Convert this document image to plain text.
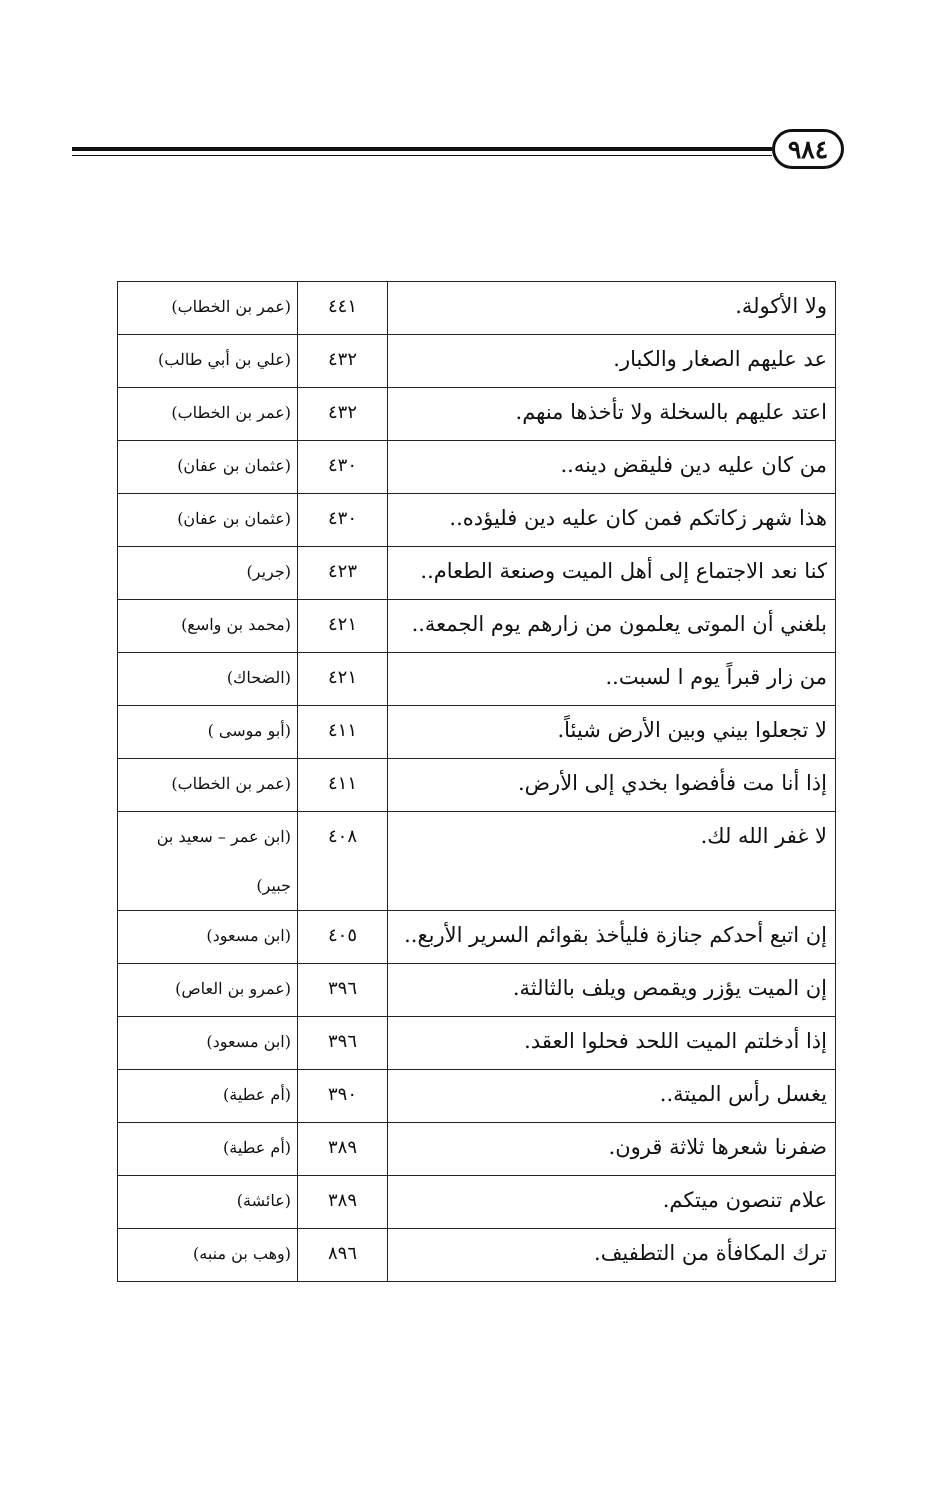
٩٨٤
ولا الأكولة.	٤٤١	(عمر بن الخطاب)
عد عليهم الصغار والكبار.	٤٣٢	(علي بن أبي طالب)
اعتد عليهم بالسخلة ولا تأخذها منهم.	٤٣٢	(عمر بن الخطاب)
من كان عليه دين فليقض دينه..	٤٣٠	(عثمان بن عفان)
هذا شهر زكاتكم فمن كان عليه دين فليؤده..	٤٣٠	(عثمان بن عفان)
كنا نعد الاجتماع إلى أهل الميت وصنعة الطعام..	٤٢٣	(جرير)
بلغني أن الموتى يعلمون من زارهم يوم الجمعة..	٤٢١	(محمد بن واسع)
من زار قبراً يوم ا لسبت..	٤٢١	(الضحاك)
لا تجعلوا بيني وبين الأرض شيئاً.	٤١١	(أبو موسى )
إذا أنا مت فأفضوا بخدي إلى الأرض.	٤١١	(عمر بن الخطاب)
لا غفر الله لك.	٤٠٨	(ابن عمر – سعيد بن جبير)
إن اتبع أحدكم جنازة فليأخذ بقوائم السرير الأربع..	٤٠٥	(ابن مسعود)
إن الميت يؤزر ويقمص ويلف بالثالثة.	٣٩٦	(عمرو بن العاص)
إذا أدخلتم الميت اللحد فحلوا العقد.	٣٩٦	(ابن مسعود)
يغسل رأس الميتة..	٣٩٠	(أم عطية)
ضفرنا شعرها ثلاثة قرون.	٣٨٩	(أم عطية)
علام تنصون ميتكم.	٣٨٩	(عائشة)
ترك المكافأة من التطفيف.	٨٩٦	(وهب بن منبه)
